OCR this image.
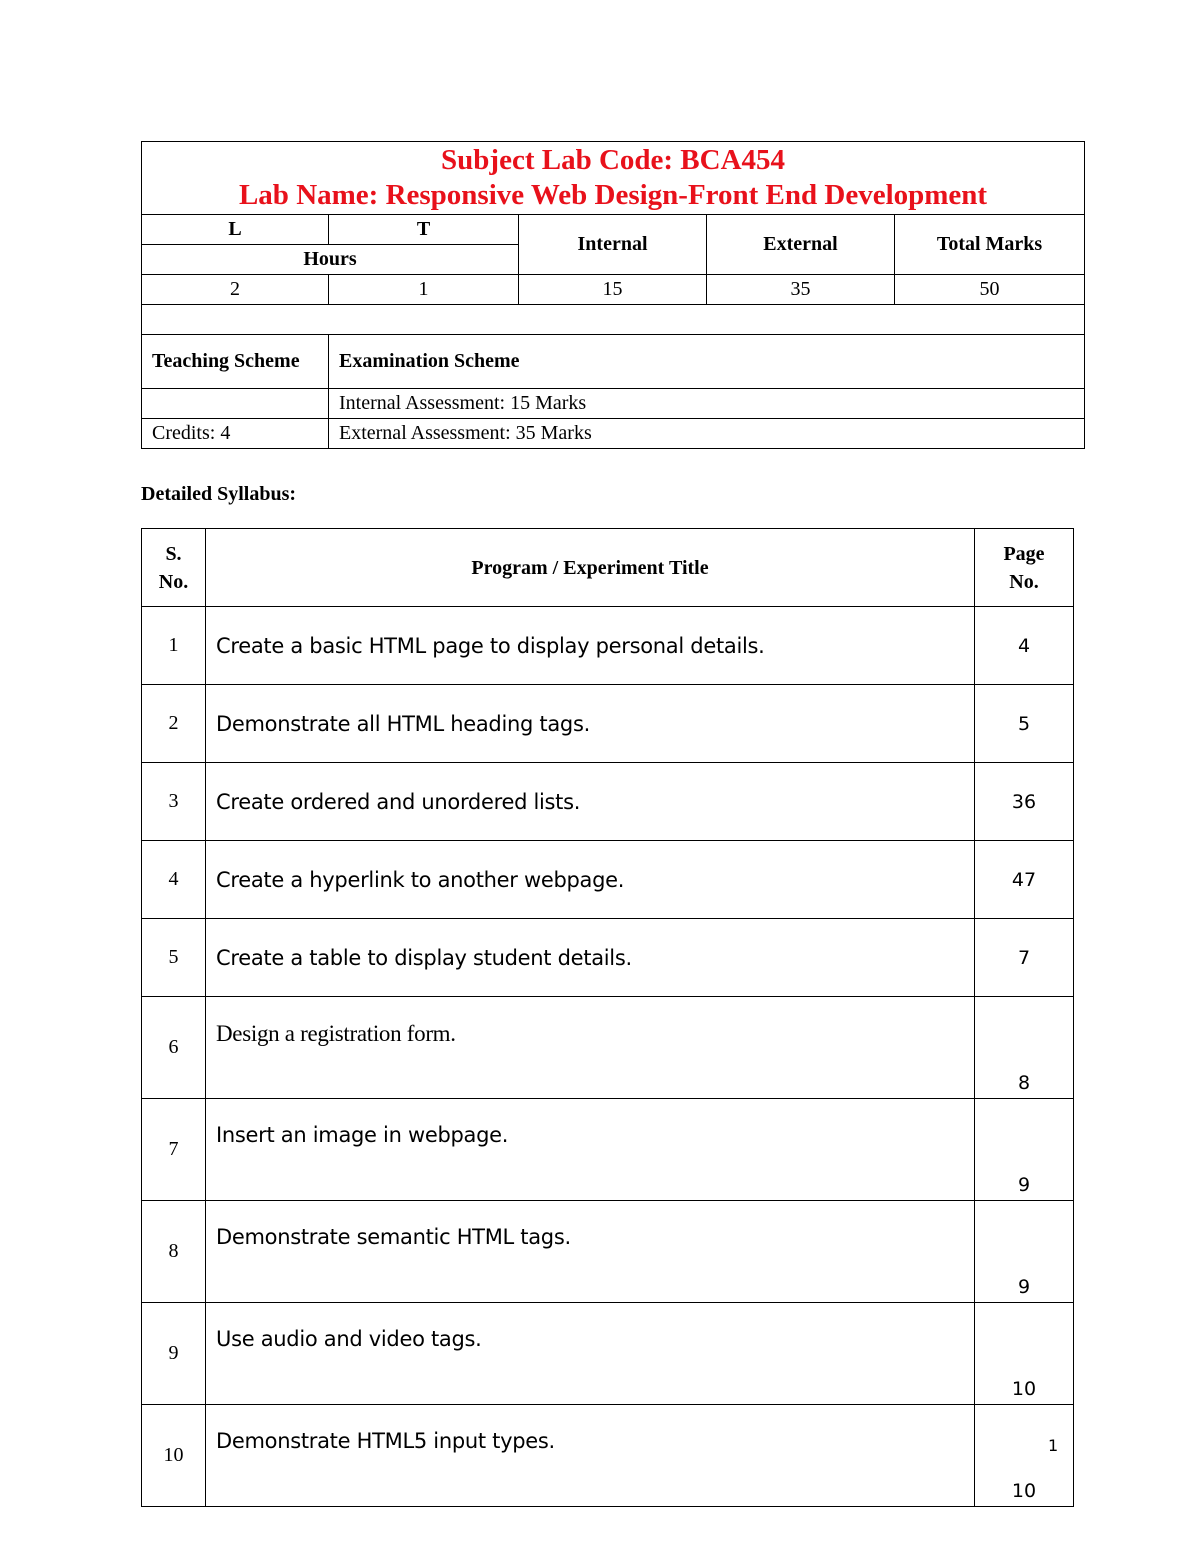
Subject Lab Code: BCA454
Lab Name: Responsive Web Design-Front End Development				

L	T	Internal	External	Total Marks
Hours				
2	1	15	35	50

Teaching Scheme	Examination Scheme			
	Internal Assessment: 15 Marks			
Credits: 4	External Assessment: 35 Marks			
Detailed Syllabus:
S. No.	Program / Experiment Title	Page No.

1	Create a basic HTML page to display personal details.	4
2	Demonstrate all HTML heading tags.	5
3	Create ordered and unordered lists.	36
4	Create a hyperlink to another webpage.	47
5	Create a table to display student details.	7
6	Design a registration form.	8
7	Insert an image in webpage.	9
8	Demonstrate semantic HTML tags.	9
9	Use audio and video tags.	10
10	Demonstrate HTML5 input types.	10
1
